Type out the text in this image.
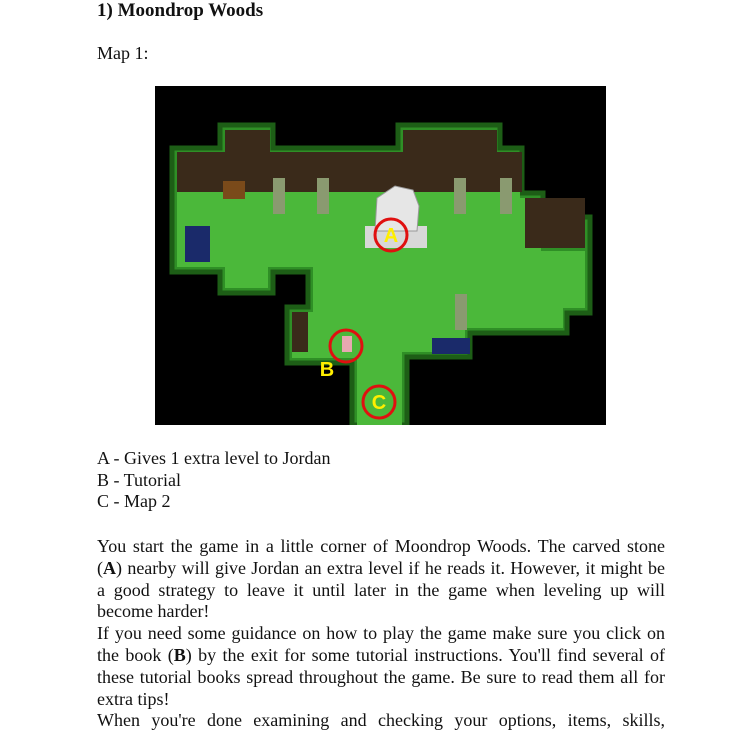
1) Moondrop Woods
Map 1:
A
B
C
A - Gives 1 extra level to Jordan
B - Tutorial
C - Map 2

You start the game in a little corner of Moondrop Woods. The carved stone (A) nearby will give Jordan an extra level if he reads it. However, it might be a good strategy to leave it until later in the game when leveling up will become harder!

If you need some guidance on how to play the game make sure you click on the book (B) by the exit for some tutorial instructions. You'll find several of these tutorial books spread throughout the game. Be sure to read them all for extra tips!

When you're done examining and checking your options, items, skills,
